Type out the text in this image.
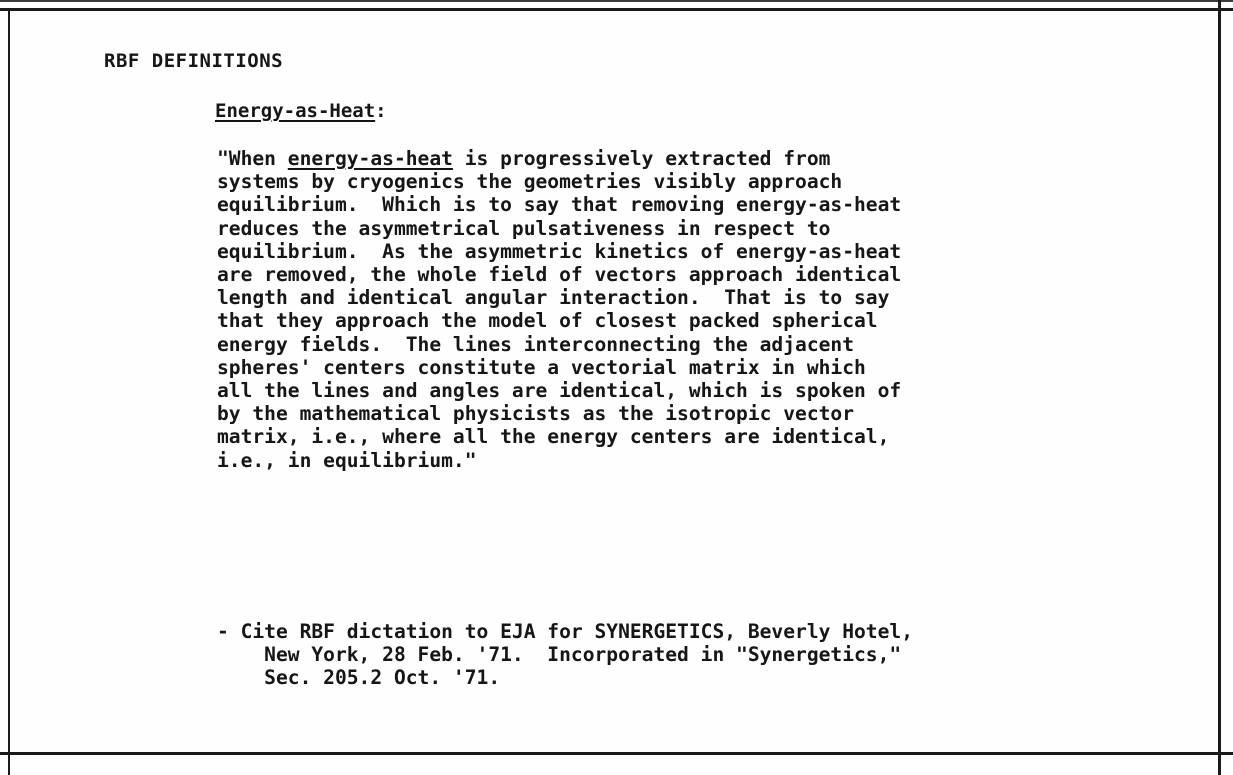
RBF DEFINITIONS
Energy-as-Heat:
"When energy-as-heat is progressively extracted from
systems by cryogenics the geometries visibly approach
equilibrium.  Which is to say that removing energy-as-heat
reduces the asymmetrical pulsativeness in respect to
equilibrium.  As the asymmetric kinetics of energy-as-heat
are removed, the whole field of vectors approach identical
length and identical angular interaction.  That is to say
that they approach the model of closest packed spherical
energy fields.  The lines interconnecting the adjacent
spheres' centers constitute a vectorial matrix in which
all the lines and angles are identical, which is spoken of
by the mathematical physicists as the isotropic vector
matrix, i.e., where all the energy centers are identical,
i.e., in equilibrium."
- Cite RBF dictation to EJA for SYNERGETICS, Beverly Hotel,
New York, 28 Feb. '71.  Incorporated in "Synergetics,"
Sec. 205.2 Oct. '71.
